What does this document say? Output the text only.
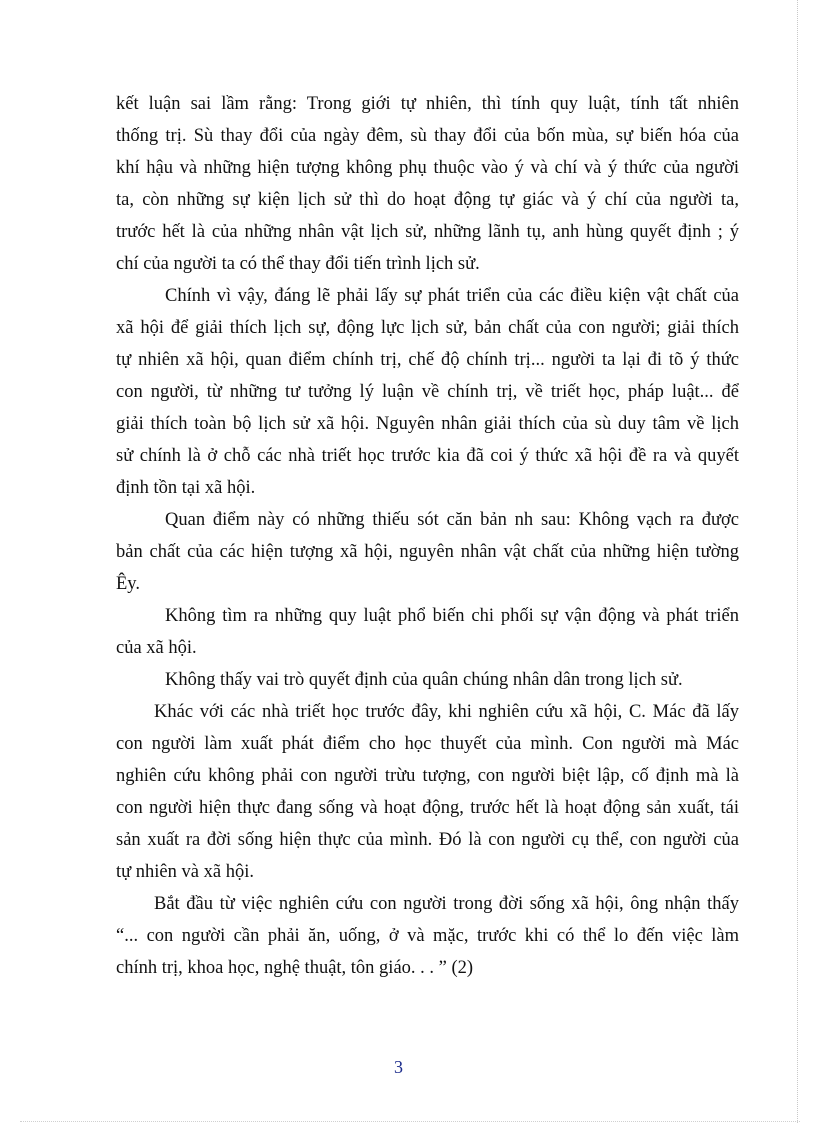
kết luận sai lầm rằng: Trong giới tự nhiên, thì tính quy luật, tính tất nhiên
thống trị. Sù thay đổi của ngày đêm, sù thay đổi của bốn mùa, sự biến hóa của
khí hậu và những hiện tượng không phụ thuộc vào ý và chí và ý thức của người
ta, còn những sự kiện lịch sử thì do hoạt động tự giác và ý chí của người ta,
trước hết là của những nhân vật lịch sử, những lãnh tụ, anh hùng quyết định ; ý
chí của người ta có thể thay đổi tiến trình lịch sử.
Chính vì vậy, đáng lẽ phải lấy sự phát triển của các điều kiện vật chất của
xã hội để giải thích lịch sự, động lực lịch sử, bản chất của con người; giải thích
tự nhiên xã hội, quan điểm chính trị, chế độ chính trị... người ta lại đi tõ ý thức
con người, từ những tư tưởng lý luận về chính trị, về triết học, pháp luật... để
giải thích toàn bộ lịch sử xã hội. Nguyên nhân giải thích của sù duy tâm về lịch
sử chính là ở chỗ các nhà triết học trước kia đã coi ý thức xã hội đề ra và quyết
định tồn tại xã hội.
Quan điểm này có những thiếu sót căn bản nh sau: Không vạch ra được
bản chất của các hiện tượng xã hội, nguyên nhân vật chất của những hiện tường
Êy.
Không tìm ra những quy luật phổ biến chi phối sự vận động và phát triển
của xã hội.
Không thấy vai trò quyết định của quân chúng nhân dân trong lịch sử.
Khác với các nhà triết học trước đây, khi nghiên cứu xã hội, C. Mác đã lấy
con người làm xuất phát điểm cho học thuyết của mình. Con người mà Mác
nghiên cứu không phải con người trừu tượng, con người biệt lập, cố định mà là
con người hiện thực đang sống và hoạt động, trước hết là hoạt động sản xuất, tái
sản xuất ra đời sống hiện thực của mình. Đó là con người cụ thể, con người của
tự nhiên và xã hội.
Bắt đầu từ việc nghiên cứu con người trong đời sống xã hội, ông nhận thấy
“... con người cần phải ăn, uống, ở và mặc, trước khi có thể lo đến việc làm
chính trị, khoa học, nghệ thuật, tôn giáo. . . ” (2)
3
